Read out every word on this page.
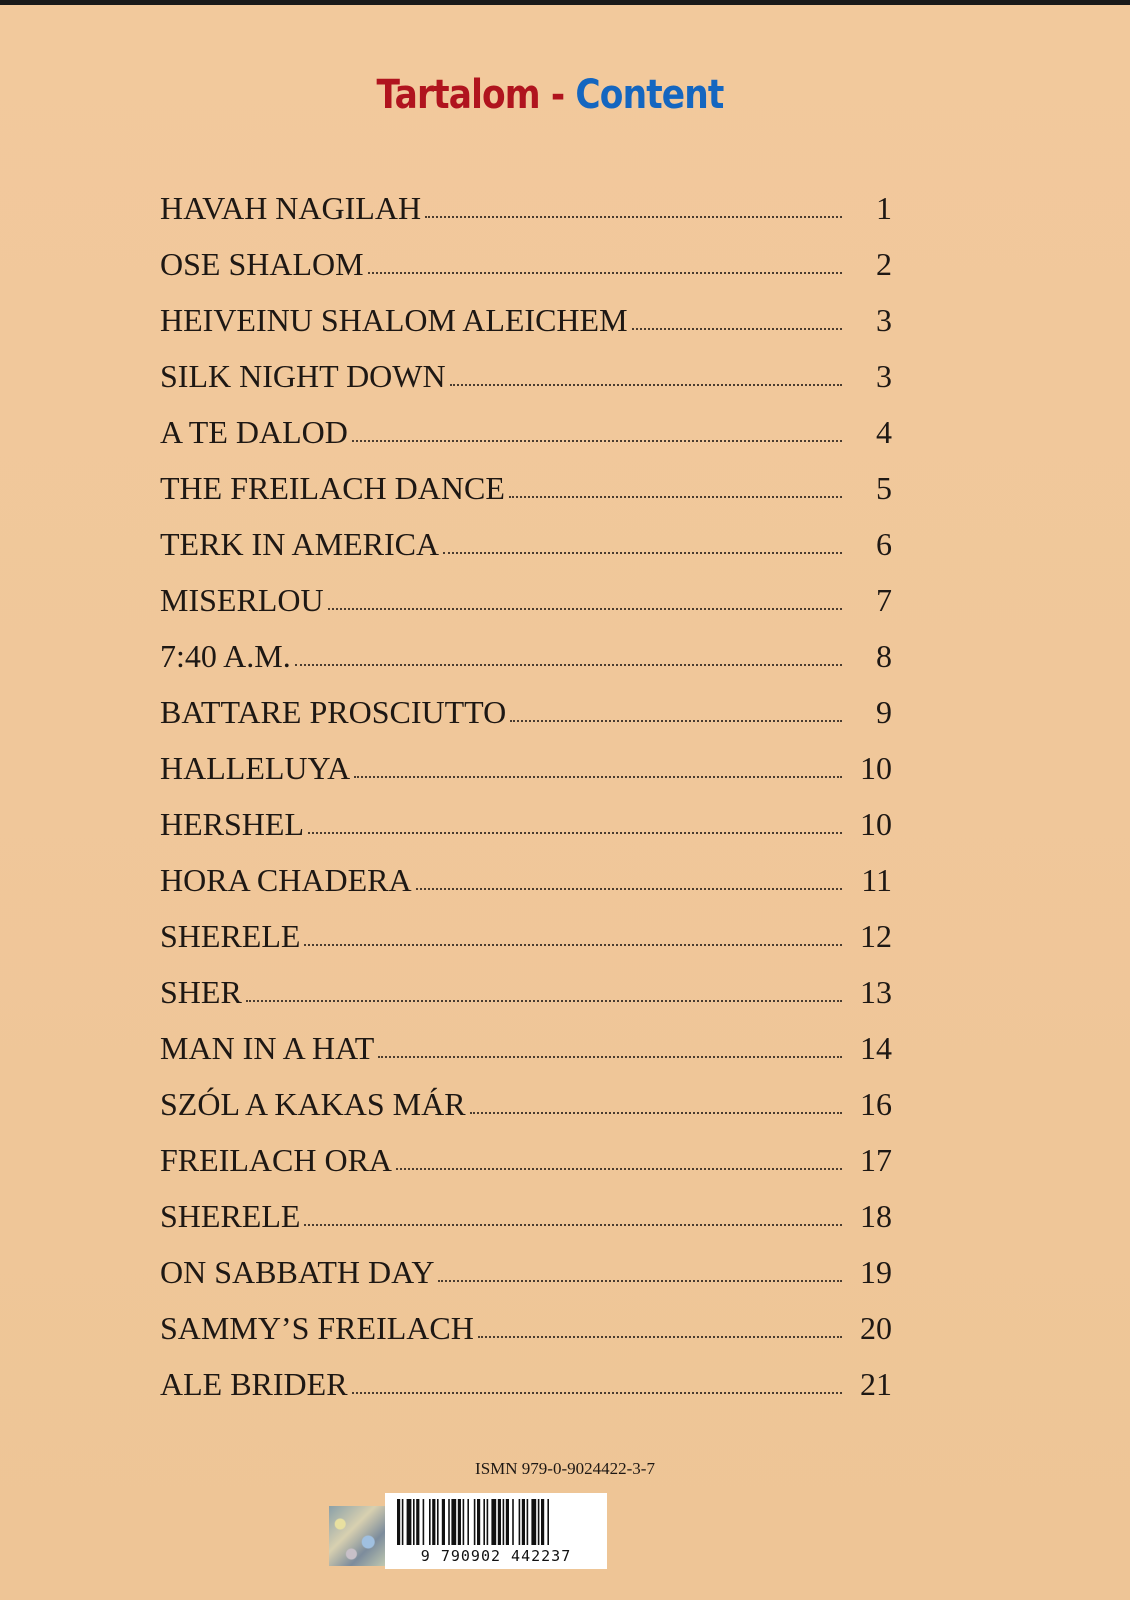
Tartalom - Content
HAVAH NAGILAH	1
OSE SHALOM	2
HEIVEINU SHALOM ALEICHEM	3
SILK NIGHT DOWN	3
A TE DALOD	4
THE FREILACH DANCE	5
TERK IN AMERICA	6
MISERLOU	7
7:40 A.M.	8
BATTARE PROSCIUTTO	9
HALLELUYA	10
HERSHEL	10
HORA CHADERA	11
SHERELE	12
SHER	13
MAN IN A HAT	14
SZÓL A KAKAS MÁR	16
FREILACH ORA	17
SHERELE	18
ON SABBATH DAY	19
SAMMY’S FREILACH	20
ALE BRIDER	21
ISMN 979-0-9024422-3-7
9 790902 442237
